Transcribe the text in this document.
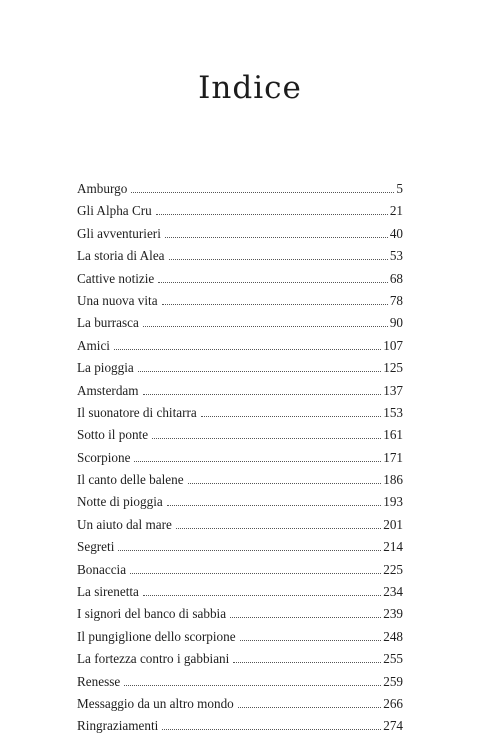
Indice
Amburgo	5
Gli Alpha Cru	21
Gli avventurieri	40
La storia di Alea	53
Cattive notizie	68
Una nuova vita	78
La burrasca	90
Amici	107
La pioggia	125
Amsterdam	137
Il suonatore di chitarra	153
Sotto il ponte	161
Scorpione	171
Il canto delle balene	186
Notte di pioggia	193
Un aiuto dal mare	201
Segreti	214
Bonaccia	225
La sirenetta	234
I signori del banco di sabbia	239
Il pungiglione dello scorpione	248
La fortezza contro i gabbiani	255
Renesse	259
Messaggio da un altro mondo	266
Ringraziamenti	274
